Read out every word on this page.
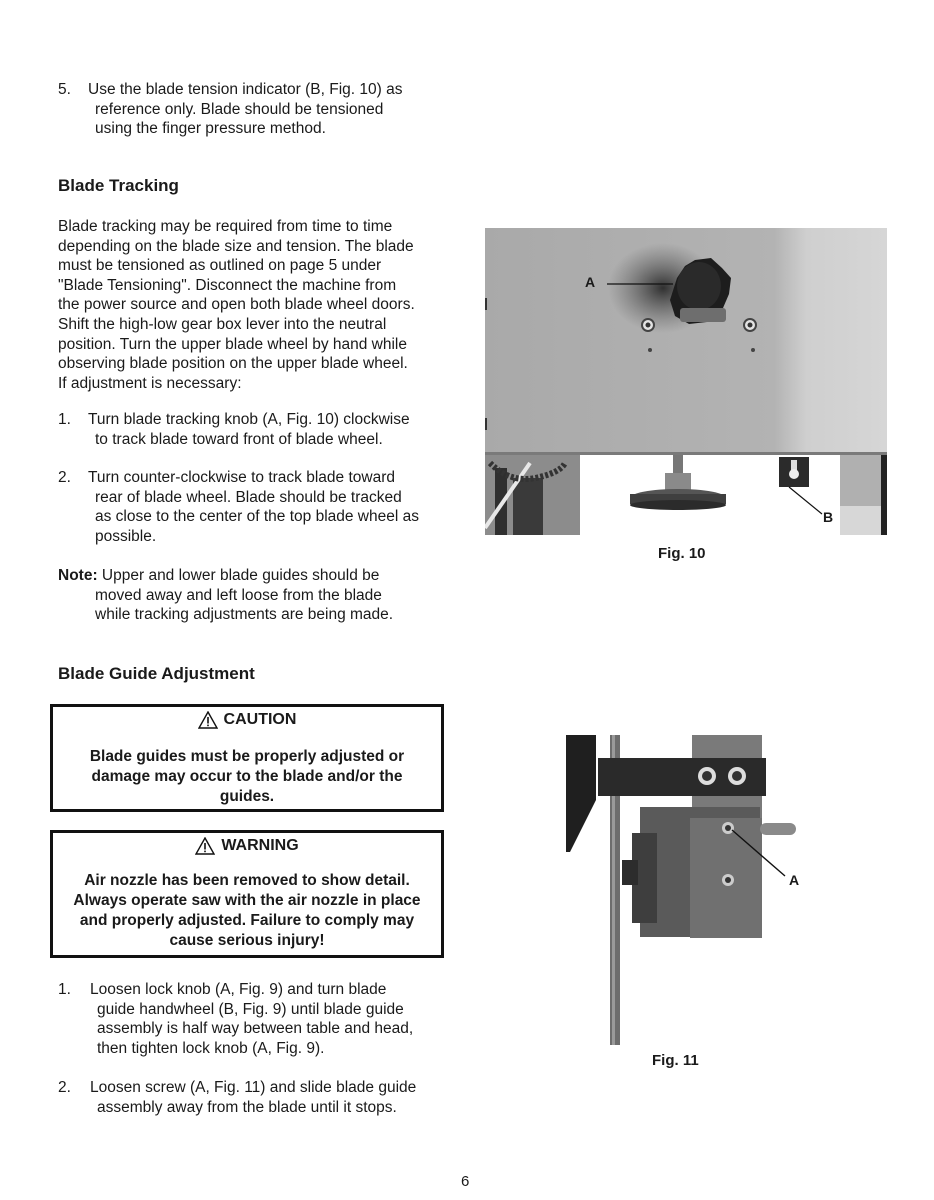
5. Use the blade tension indicator (B, Fig. 10) as
reference only. Blade should be tensioned
using the finger pressure method.
Blade Tracking
Blade tracking may be required from time to time
depending on the blade size and tension. The blade
must be tensioned as outlined on page 5 under
"Blade Tensioning". Disconnect the machine from
the power source and open both blade wheel doors.
Shift the high-low gear box lever into the neutral
position. Turn the upper blade wheel by hand while
observing blade position on the upper blade wheel.
If adjustment is necessary:
1. Turn blade tracking knob (A, Fig. 10) clockwise
to track blade toward front of blade wheel.
2. Turn counter-clockwise to track blade toward
rear of blade wheel. Blade should be tracked
as close to the center of the top blade wheel as
possible.
Note: Upper and lower blade guides should be
moved away and left loose from the blade
while tracking adjustments are being made.
Blade Guide Adjustment
CAUTION
Blade guides must be properly adjusted or
damage may occur to the blade and/or the
guides.
WARNING
Air nozzle has been removed to show detail.
Always operate saw with the air nozzle in place
and properly adjusted. Failure to comply may
cause serious injury!
1. Loosen lock knob (A, Fig. 9) and turn blade
guide handwheel (B, Fig. 9) until blade guide
assembly is half way between table and head,
then tighten lock knob (A, Fig. 9).
2. Loosen screw (A, Fig. 11) and slide blade guide
assembly away from the blade until it stops.
A
B
Fig. 10
A
Fig. 11
6
